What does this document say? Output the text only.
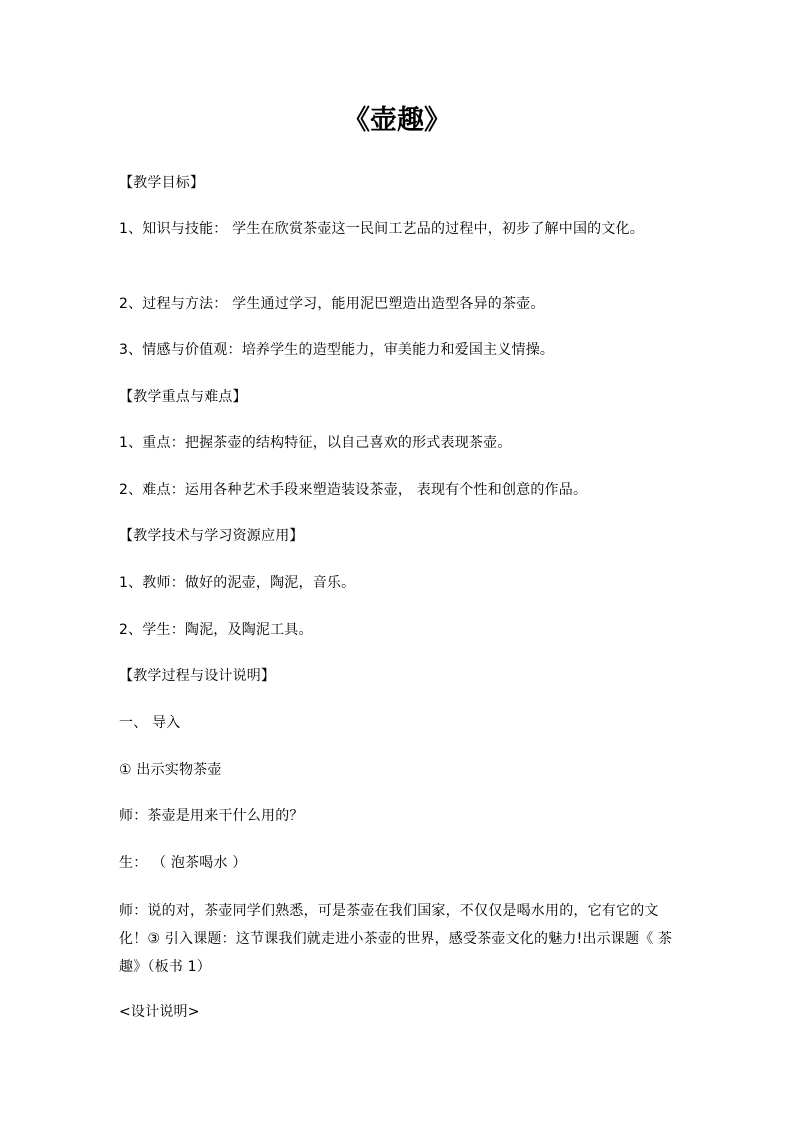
《壶趣》
【教学目标】
1、知识与技能： 学生在欣赏茶壶这一民间工艺品的过程中，初步了解中国的文化。
2、过程与方法： 学生通过学习，能用泥巴塑造出造型各异的茶壶。
3、情感与价值观：培养学生的造型能力，审美能力和爱国主义情操。
【教学重点与难点】
1、重点：把握茶壶的结构特征，以自己喜欢的形式表现茶壶。
2、难点：运用各种艺术手段来塑造装设茶壶， 表现有个性和创意的作品。
【教学技术与学习资源应用】
1、教师：做好的泥壶，陶泥，音乐。
2、学生：陶泥，及陶泥工具。
【教学过程与设计说明】
一、 导入
① 出示实物茶壶
师：茶壶是用来干什么用的？
生： （ 泡茶喝水 ）
师：说的对，茶壶同学们熟悉，可是茶壶在我们国家，不仅仅是喝水用的，它有它的文化！③ 引入课题：这节课我们就走进小茶壶的世界，感受茶壶文化的魅力!出示课题《 茶趣》（板书 1）
<设计说明>
